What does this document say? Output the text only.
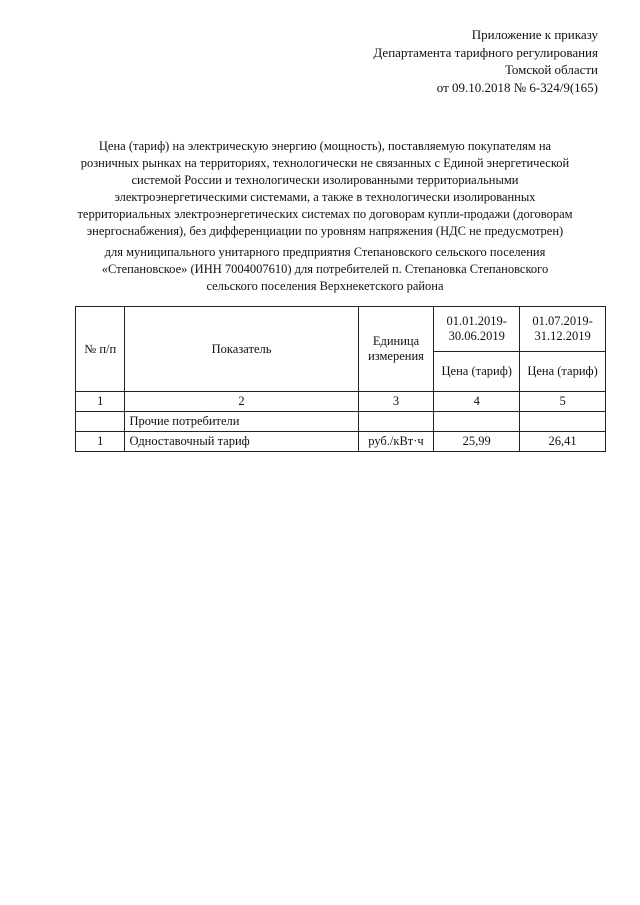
Приложение к приказу
Департамента тарифного регулирования
Томской области
от 09.10.2018 № 6-324/9(165)

Цена (тариф) на электрическую энергию (мощность), поставляемую покупателям на

розничных рынках на территориях, технологически не связанных с Единой энергетической

системой России и технологически изолированными территориальными

электроэнергетическими системами, а также в технологически изолированных

территориальных электроэнергетических системах по договорам купли-продажи (договорам

энергоснабжения), без дифференциации по уровням напряжения (НДС не предусмотрен)

для муниципального унитарного предприятия Степановского сельского поселения

«Степановское» (ИНН 7004007610) для потребителей п. Степановка Степановского

сельского поселения Верхнекетского района

№ п/п	Показатель	Единица измерения	01.01.2019-30.06.2019	01.07.2019-31.12.2019
			Цена (тариф)	Цена (тариф)
1	2	3	4	5
	Прочие потребители			
1	Одноставочный тариф	руб./кВт·ч	25,99	26,41
